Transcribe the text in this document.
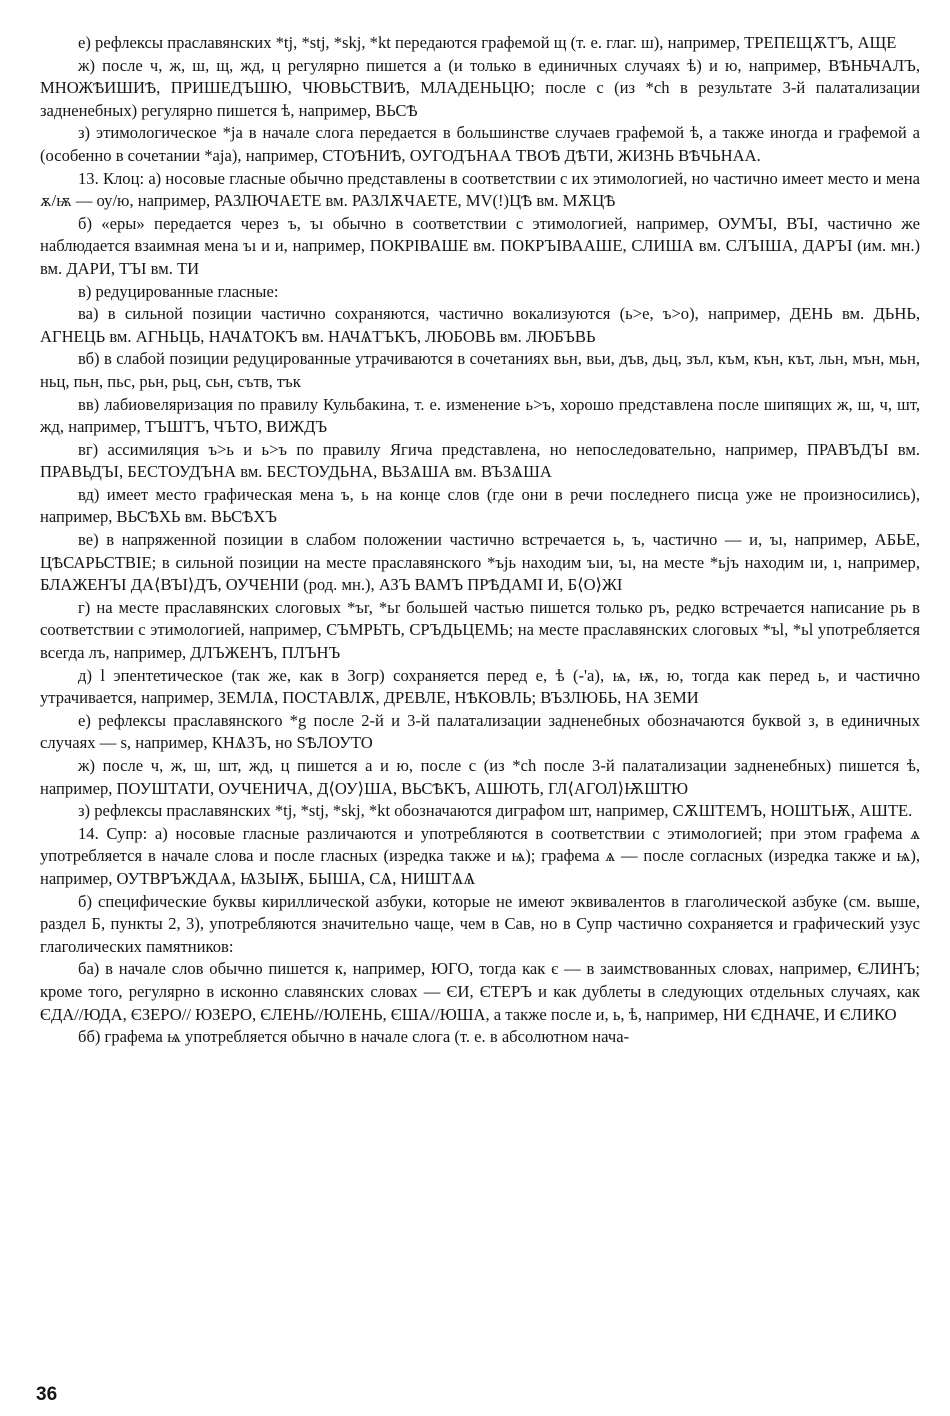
е) рефлексы праславянских *tj, *stj, *skj, *kt передаются графемой щ (т. е. глаг. ш), например, ТРЕПЕЩѪТЪ, АЩЕ

ж) после ч, ж, ш, щ, жд, ц регулярно пишется а (и только в единичных случаях ѣ) и ю, например, ВѢНЬЧАЛЪ, МНОЖѢИШИѢ, ПРИШЕДЪШЮ, ЧЮВЬСТВИѢ, МЛАДЕНЬЦЮ; после с (из *ch в результате 3-й палатализации задненебных) регулярно пишется ѣ, например, ВЬСѢ

з) этимологическое *ja в начале слога передается в большинстве случаев графемой ѣ, а также иногда и графемой а (особенно в сочетании *aja), например, СТОѢНИѢ, ОУГОДЪНАА ТВОѢ ДѢТИ, ЖИЗНЬ ВѢЧЬНАА.

13. Клоц: а) носовые гласные обычно представлены в соответствии с их этимологией, но частично имеет место и мена ѫ/ѭ — оу/ю, например, РАЗЛЮЧАЕТЕ вм. РАЗЛѪЧАЕТЕ, МV(!)ЦѢ вм. МѪЦѢ

б) «еры» передается через ъ, ъı обычно в соответствии с этимологией, например, ОУМЪI, ВЪI, частично же наблюдается взаимная мена ъı и и, например, ПОКРІВАШЕ вм. ПОКРЪIВААШЕ, СЛИША вм. СЛЪIША, ДАРЪI (им. мн.) вм. ДАРИ, ТЪI вм. ТИ

в) редуцированные гласные:

ва) в сильной позиции частично сохраняются, частично вокализуются (ь>е, ъ>о), например, ДЕНЬ вм. ДЬНЬ, АГНЕЦЬ вм. АГНЬЦЬ, НАЧѦТОКЪ вм. НАЧѦТЪКЪ, ЛЮБОВЬ вм. ЛЮБЪВЬ

вб) в слабой позиции редуцированные утрачиваются в сочетаниях вьн, вьи, дъв, дьц, зъл, към, кън, кът, льн, мън, мьн, ньц, пьн, пьс, рьн, рьц, сьн, сътв, тък

вв) лабиовеляризация по правилу Кульбакина, т. е. изменение ь>ъ, хорошо представлена после шипящих ж, ш, ч, шт, жд, например, ТЪШТЪ, ЧЪТО, ВИЖДЪ

вг) ассимиляция ъ>ь и ь>ъ по правилу Ягича представлена, но непоследовательно, например, ПРАВЪДЪI вм. ПРАВЬДЪI, БЕСТОУДЪНА вм. БЕСТОУДЬНА, ВЬЗѦША вм. ВЪЗѦША

вд) имеет место графическая мена ъ, ь на конце слов (где они в речи последнего писца уже не произносились), например, ВЬСѢХЬ вм. ВЬСѢХЪ

ве) в напряженной позиции в слабом положении частично встречается ь, ъ, частично — и, ъı, например, АБЬЕ, ЦѢСАРЬСТВІЕ; в сильной позиции на месте праславянского *ъjь находим ъıи, ъı, на месте *ьjъ находим ıи, ı, например, БЛАЖЕНЪI ДА⟨ВЪI⟩ДЪ, ОУЧЕНІИ (род. мн.), АЗЪ ВАМЪ ПРѢДАМІ И, Б⟨О⟩ЖІ

г) на месте праславянских слоговых *ъr, *ьr большей частью пишется только ръ, редко встречается написание рь в соответствии с этимологией, например, СЪМРЬТЬ, СРЪДЬЦЕМЬ; на месте праславянских слоговых *ъl, *ьl употребляется всегда лъ, например, ДЛЪЖЕНЪ, ПЛЪНЪ

д) l эпентетическое (так же, как в Зогр) сохраняется перед е, ѣ (-'а), ѩ, ѭ, ю, тогда как перед ь, и частично утрачивается, например, ЗЕМЛѦ, ПОСТАВЛѪ, ДРЕВЛЕ, НѢКОВЛЬ; ВЪЗЛЮБЬ, НА ЗЕМИ

е) рефлексы праславянского *g после 2-й и 3-й палатализации задненебных обозначаются буквой з, в единичных случаях — ѕ, например, КНѦЗЪ, но ЅѢЛОУТО

ж) после ч, ж, ш, шт, жд, ц пишется а и ю, после с (из *ch после 3-й палатализации задненебных) пишется ѣ, например, ПОУШТАТИ, ОУЧЕНИЧА, Д⟨ОУ⟩ША, ВЬСѢКЪ, АШЮТЬ, ГЛ⟨АГОЛ⟩ѬШТЮ

з) рефлексы праславянских *tj, *stj, *skj, *kt обозначаются диграфом шт, например, СѪШТЕМЪ, НОШТЬѬ, АШТЕ.

14. Супр: а) носовые гласные различаются и употребляются в соответствии с этимологией; при этом графема ѧ употребляется в начале слова и после гласных (изредка также и ѩ); графема ѧ — после согласных (изредка также и ѩ), например, ОУТВРЪЖДАѦ, ѨЗЫѬ, БЫША, СѦ, НИШТѦѦ

б) специфические буквы кириллической азбуки, которые не имеют эквивалентов в глаголической азбуке (см. выше, раздел Б, пункты 2, 3), употребляются значительно чаще, чем в Сав, но в Супр частично сохраняется и графический узус глаголических памятников:

ба) в начале слов обычно пишется к, например, ЮГО, тогда как є — в заимствованных словах, например, ЄЛИНЪ; кроме того, регулярно в исконно славянских словах — ЄИ, ЄТЕРЪ и как дублеты в следующих отдельных случаях, как ЄДА//ЮДА, ЄЗЕРО// ЮЗЕРО, ЄЛЕНЬ//ЮЛЕНЬ, ЄША//ЮША, а также после и, ь, ѣ, например, НИ ЄДНАЧЕ, И ЄЛИКО

бб) графема ѩ употребляется обычно в начале слога (т. е. в абсолютном нача-

36
